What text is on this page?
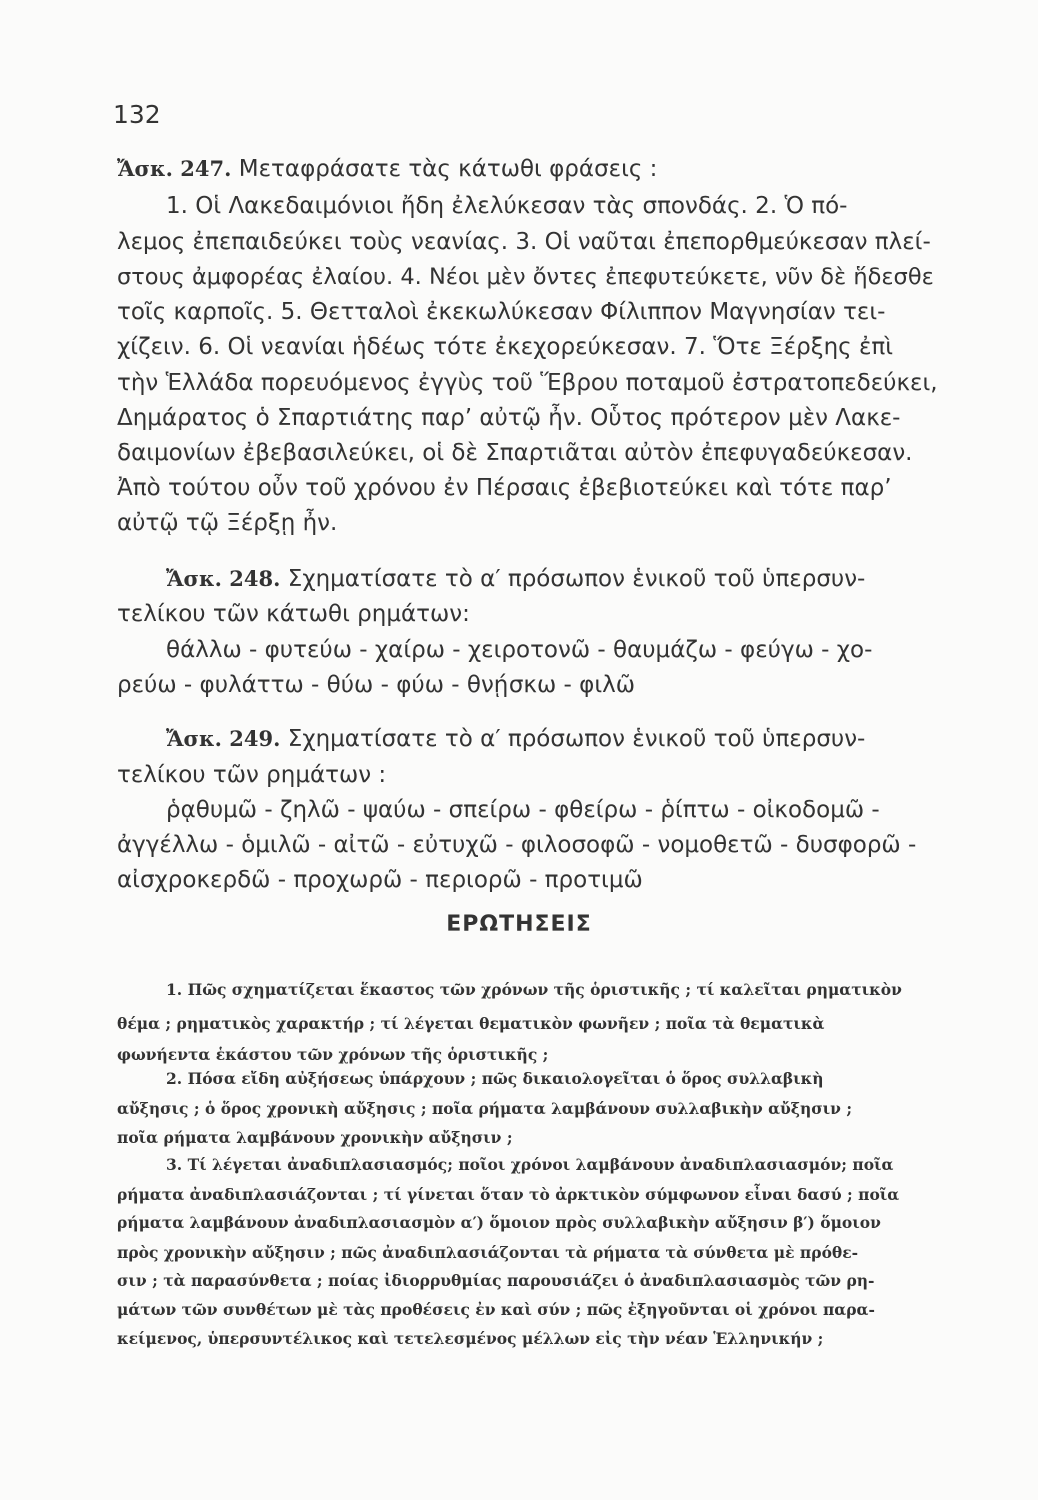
132
Ἄσκ. 247. Μεταφράσατε τὰς κάτωθι φράσεις :
1. Οἱ Λακεδαιμόνιοι ἤδη ἐλελύκεσαν τὰς σπονδάς. 2. Ὁ πό-
λεμος ἐπεπαιδεύκει τοὺς νεανίας. 3. Οἱ ναῦται ἐπεπορθμεύκεσαν πλεί-
στους ἀμφορέας ἐλαίου. 4. Νέοι μὲν ὄντες ἐπεφυτεύκετε, νῦν δὲ ἥδεσθε
τοῖς καρποῖς. 5. Θετταλοὶ ἐκεκωλύκεσαν Φίλιππον Μαγνησίαν τει-
χίζειν. 6. Οἱ νεανίαι ἡδέως τότε ἐκεχορεύκεσαν. 7. Ὅτε Ξέρξης ἐπὶ
τὴν Ἑλλάδα πορευόμενος ἐγγὺς τοῦ Ἕβρου ποταμοῦ ἐστρατοπεδεύκει,
Δημάρατος ὁ Σπαρτιάτης παρ’ αὐτῷ ἦν. Οὗτος πρότερον μὲν Λακε-
δαιμονίων ἐβεβασιλεύκει, οἱ δὲ Σπαρτιᾶται αὐτὸν ἐπεφυγαδεύκεσαν.
Ἀπὸ τούτου οὖν τοῦ χρόνου ἐν Πέρσαις ἐβεβιοτεύκει καὶ τότε παρ’
αὐτῷ τῷ Ξέρξῃ ἦν.
Ἄσκ. 248. Σχηματίσατε τὸ α′ πρόσωπον ἑνικοῦ τοῦ ὑπερσυν-
τελίκου τῶν κάτωθι ρημάτων:
θάλλω - φυτεύω - χαίρω - χειροτονῶ - θαυμάζω - φεύγω - χο-
ρεύω - φυλάττω - θύω - φύω - θνῄσκω - φιλῶ
Ἄσκ. 249. Σχηματίσατε τὸ α′ πρόσωπον ἑνικοῦ τοῦ ὑπερσυν-
τελίκου τῶν ρημάτων :
ῥᾳθυμῶ - ζηλῶ - ψαύω - σπείρω - φθείρω - ῥίπτω - οἰκοδομῶ -
ἀγγέλλω - ὁμιλῶ - αἰτῶ - εὐτυχῶ - φιλοσοφῶ - νομοθετῶ - δυσφορῶ -
αἰσχροκερδῶ - προχωρῶ - περιορῶ - προτιμῶ
ΕΡΩΤΗΣΕΙΣ
1. Πῶς σχηματίζεται ἕκαστος τῶν χρόνων τῆς ὁριστικῆς ; τί καλεῖται ρηματικὸν
θέμα ; ρηματικὸς χαρακτήρ ; τί λέγεται θεματικὸν φωνῆεν ; ποῖα τὰ θεματικὰ
φωνήεντα ἑκάστου τῶν χρόνων τῆς ὁριστικῆς ;
2. Πόσα εἴδη αὐξήσεως ὑπάρχουν ; πῶς δικαιολογεῖται ὁ ὅρος συλλαβικὴ
αὔξησις ; ὁ ὅρος χρονικὴ αὔξησις ; ποῖα ρήματα λαμβάνουν συλλαβικὴν αὔξησιν ;
ποῖα ρήματα λαμβάνουν χρονικὴν αὔξησιν ;
3. Τί λέγεται ἀναδιπλασιασμός; ποῖοι χρόνοι λαμβάνουν ἀναδιπλασιασμόν; ποῖα
ρήματα ἀναδιπλασιάζονται ; τί γίνεται ὅταν τὸ ἀρκτικὸν σύμφωνον εἶναι δασύ ; ποῖα
ρήματα λαμβάνουν ἀναδιπλασιασμὸν α′) ὅμοιον πρὸς συλλαβικὴν αὔξησιν β′) ὅμοιον
πρὸς χρονικὴν αὔξησιν ; πῶς ἀναδιπλασιάζονται τὰ ρήματα τὰ σύνθετα μὲ πρόθε-
σιν ; τὰ παρασύνθετα ; ποίας ἰδιορρυθμίας παρουσιάζει ὁ ἀναδιπλασιασμὸς τῶν ρη-
μάτων τῶν συνθέτων μὲ τὰς προθέσεις ἐν καὶ σύν ; πῶς ἐξηγοῦνται οἱ χρόνοι παρα-
κείμενος, ὑπερσυντέλικος καὶ τετελεσμένος μέλλων εἰς τὴν νέαν Ἑλληνικήν ;
